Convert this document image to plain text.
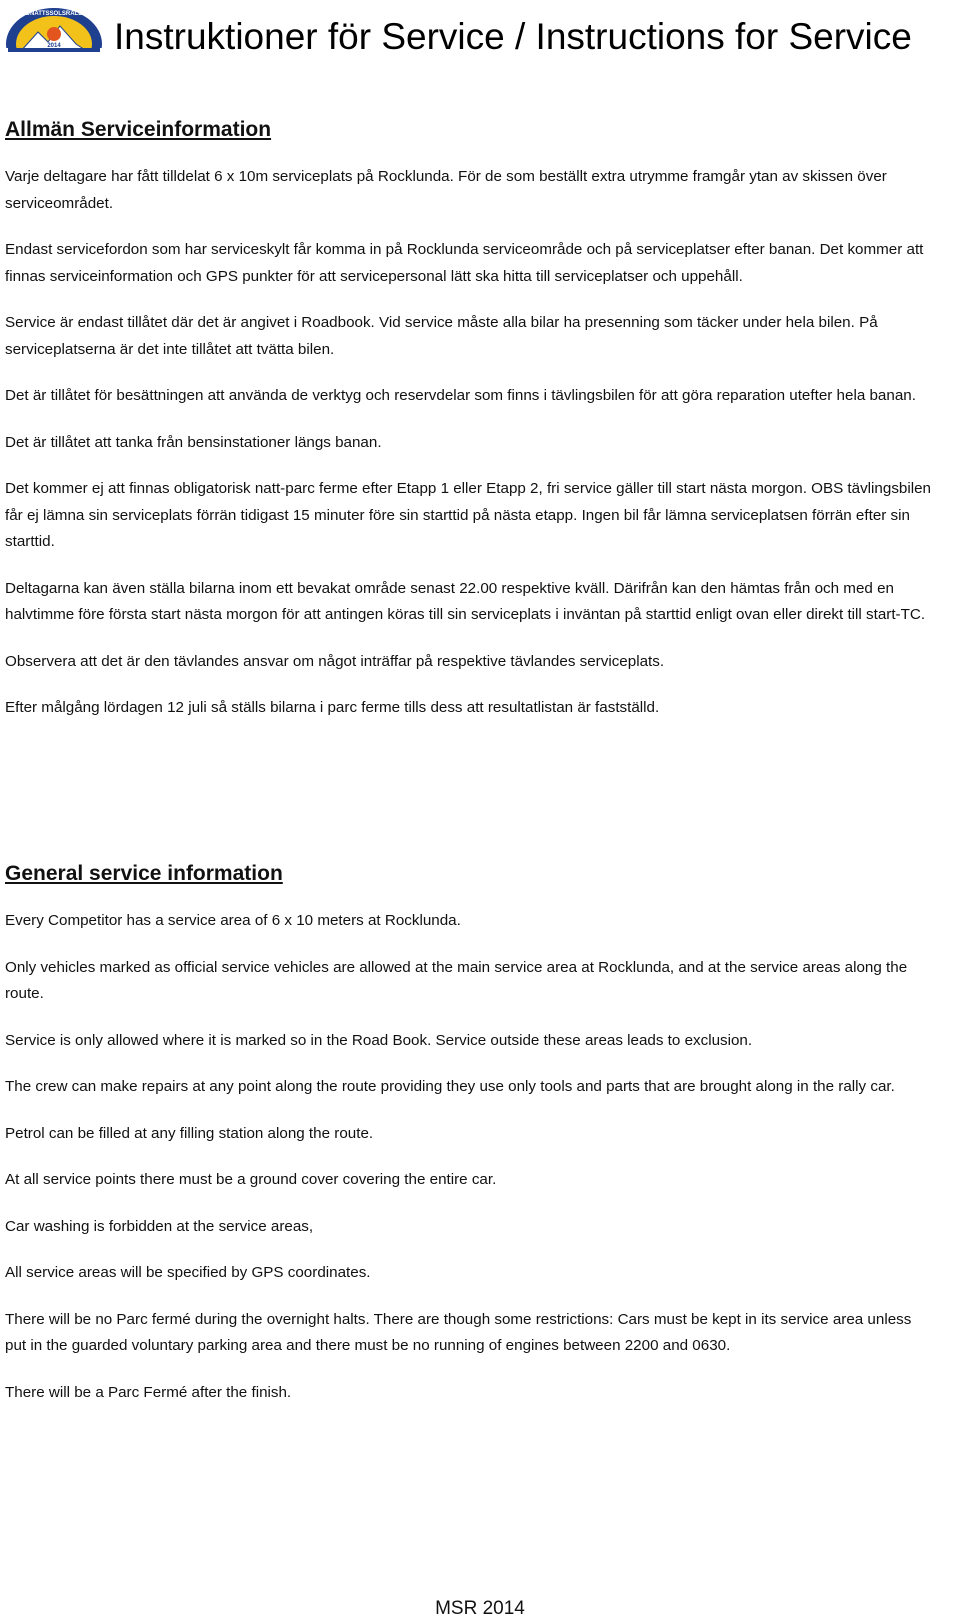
MIDNATTSSOLSRALLYT
2014 Instruktioner för Service / Instructions for Service
Allmän Serviceinformation

Varje deltagare har fått tilldelat 6 x 10m serviceplats på Rocklunda. För de som beställt extra utrymme framgår ytan av skissen över serviceområdet.

Endast servicefordon som har serviceskylt får komma in på Rocklunda serviceområde och på serviceplatser efter banan. Det kommer att finnas serviceinformation och GPS punkter för att servicepersonal lätt ska hitta till serviceplatser och uppehåll.

Service är endast tillåtet där det är angivet i Roadbook. Vid service måste alla bilar ha presenning som täcker under hela bilen. På serviceplatserna är det inte tillåtet att tvätta bilen.

Det är tillåtet för besättningen att använda de verktyg och reservdelar som finns i tävlingsbilen för att göra reparation utefter hela banan.

Det är tillåtet att tanka från bensinstationer längs banan.

Det kommer ej att finnas obligatorisk natt-parc ferme efter Etapp 1 eller Etapp 2, fri service gäller till start nästa morgon. OBS tävlingsbilen får ej lämna sin serviceplats förrän tidigast 15 minuter före sin starttid på nästa etapp. Ingen bil får lämna serviceplatsen förrän efter sin starttid.

Deltagarna kan även ställa bilarna inom ett bevakat område senast 22.00 respektive kväll. Därifrån kan den hämtas från och med en halvtimme före första start nästa morgon för att antingen köras till sin serviceplats i inväntan på starttid enligt ovan eller direkt till start-TC.

Observera att det är den tävlandes ansvar om något inträffar på respektive tävlandes serviceplats.

Efter målgång lördagen 12 juli så ställs bilarna i parc ferme tills dess att resultatlistan är fastställd.

General service information

Every Competitor has a service area of 6 x 10 meters at Rocklunda.

Only vehicles marked as official service vehicles are allowed at the main service area at Rocklunda, and at the service areas along the route.

Service is only allowed where it is marked so in the Road Book. Service outside these areas leads to exclusion.

The crew can make repairs at any point along the route providing they use only tools and parts that are brought along in the rally car.

Petrol can be filled at any filling station along the route.

At all service points there must be a ground cover covering the entire car.

Car washing is forbidden at the service areas,

All service areas will be specified by GPS coordinates.

There will be no Parc fermé during the overnight halts. There are though some restrictions: Cars must be kept in its service area unless put in the guarded voluntary parking area and there must be no running of engines between 2200 and 0630.

There will be a Parc Fermé after the finish.

MSR 2014
